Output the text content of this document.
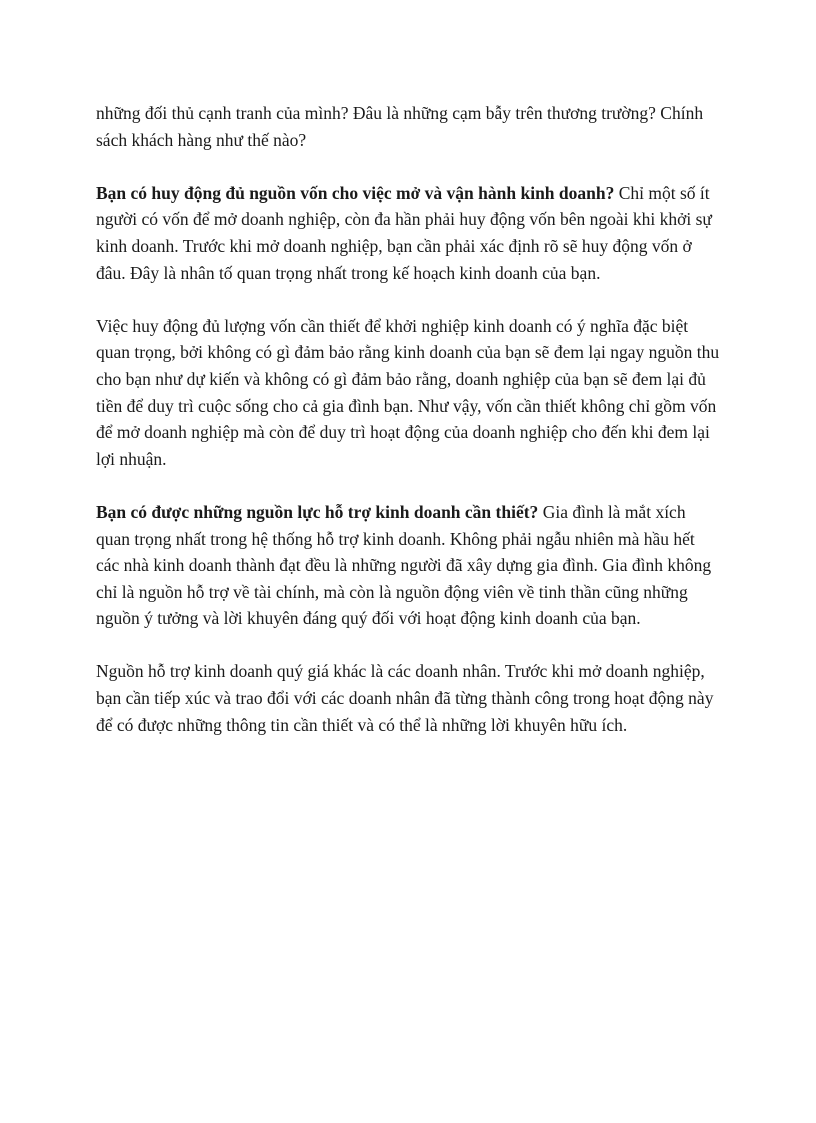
những đối thủ cạnh tranh của mình? Đâu là những cạm bẫy trên thương trường? Chính sách khách hàng như thế nào?

Bạn có huy động đủ nguồn vốn cho việc mở và vận hành kinh doanh? Chỉ một số ít người có vốn để mở doanh nghiệp, còn đa hần phải huy động vốn bên ngoài khi khởi sự kinh doanh. Trước khi mở doanh nghiệp, bạn cần phải xác định rõ sẽ huy động vốn ở đâu. Đây là nhân tố quan trọng nhất trong kế hoạch kinh doanh của bạn.

Việc huy động đủ lượng vốn cần thiết để khởi nghiệp kinh doanh có ý nghĩa đặc biệt quan trọng, bởi không có gì đảm bảo rằng kinh doanh của bạn sẽ đem lại ngay nguồn thu cho bạn như dự kiến và không có gì đảm bảo rằng, doanh nghiệp của bạn sẽ đem lại đủ tiền để duy trì cuộc sống cho cả gia đình bạn. Như vậy, vốn cần thiết không chỉ gồm vốn để mở doanh nghiệp mà còn để duy trì hoạt động của doanh nghiệp cho đến khi đem lại lợi nhuận.

Bạn có được những nguồn lực hỗ trợ kinh doanh cần thiết? Gia đình là mắt xích quan trọng nhất trong hệ thống hỗ trợ kinh doanh. Không phải ngẫu nhiên mà hầu hết các nhà kinh doanh thành đạt đều là những người đã xây dựng gia đình. Gia đình không chỉ là nguồn hỗ trợ về tài chính, mà còn là nguồn động viên về tinh thần cũng những nguồn ý tưởng và lời khuyên đáng quý đối với hoạt động kinh doanh của bạn.

Nguồn hỗ trợ kinh doanh quý giá khác là các doanh nhân. Trước khi mở doanh nghiệp, bạn cần tiếp xúc và trao đổi với các doanh nhân đã từng thành công trong hoạt động này để có được những thông tin cần thiết và có thể là những lời khuyên hữu ích.
